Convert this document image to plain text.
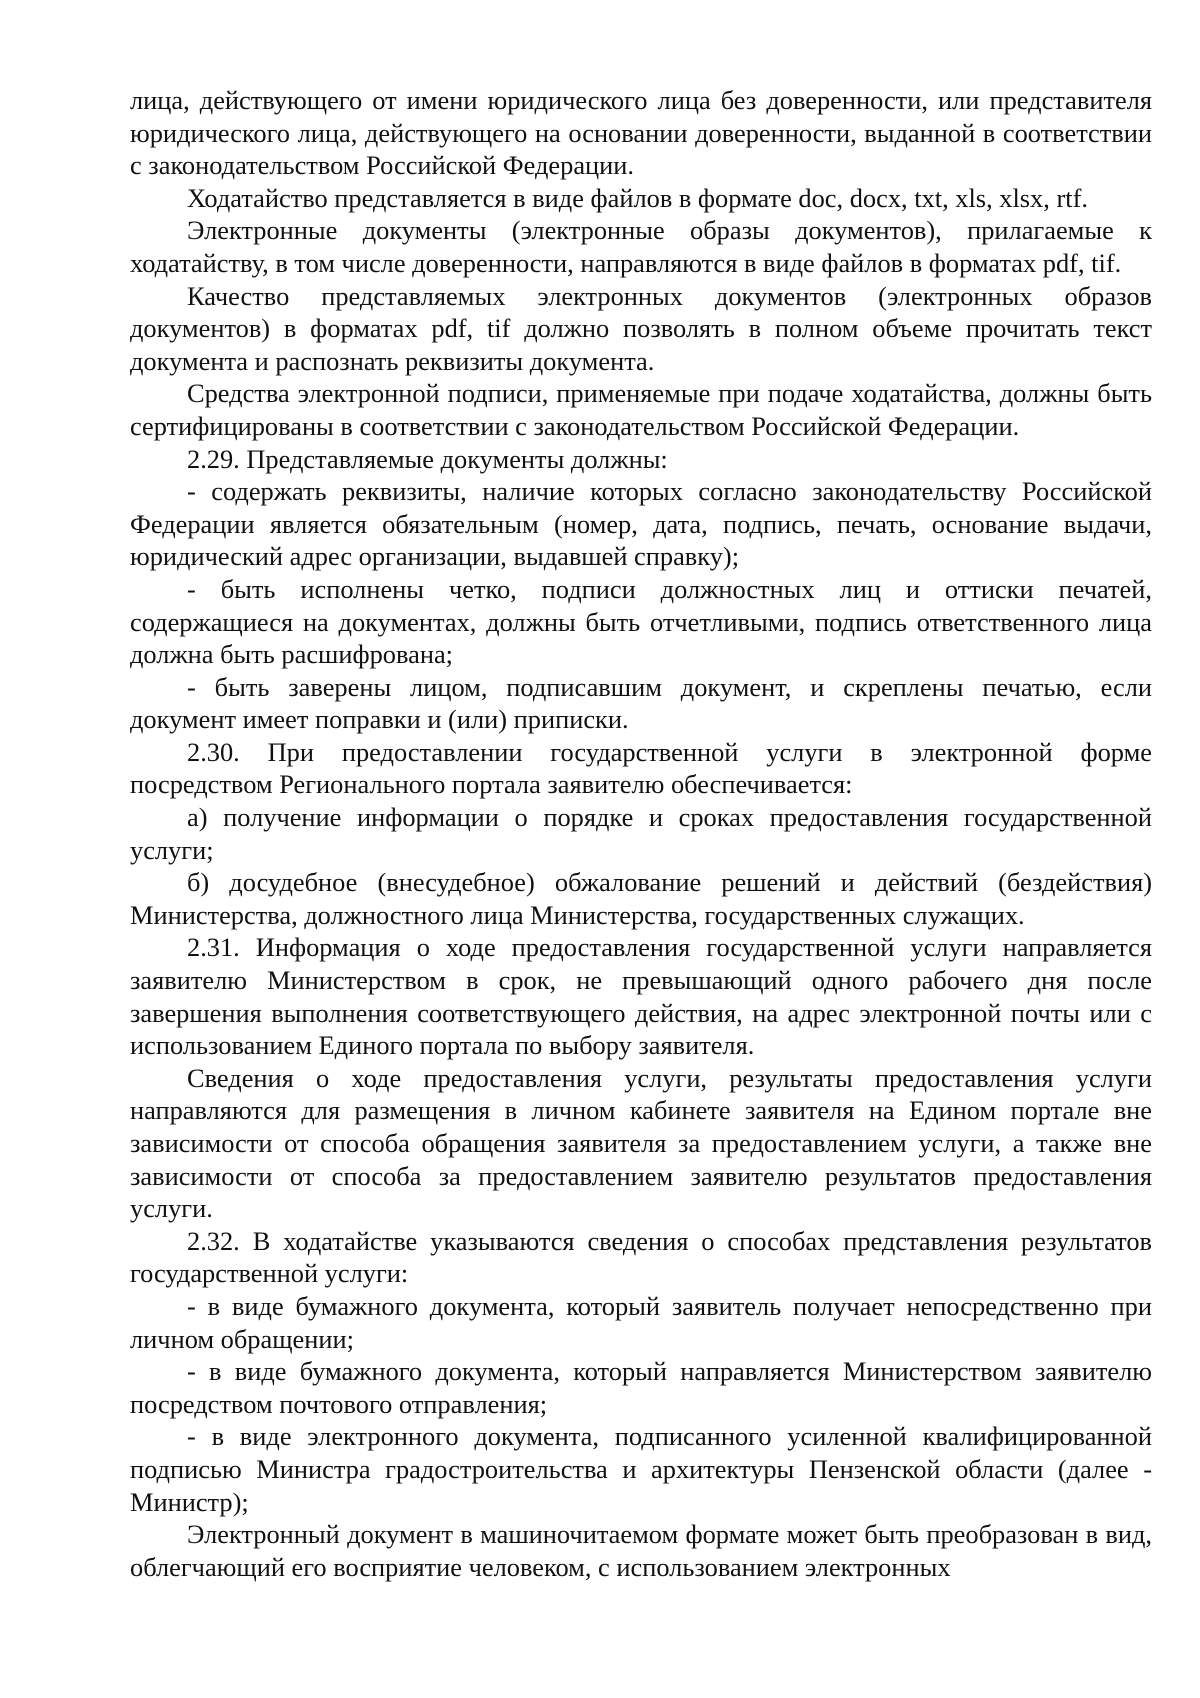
лица, действующего от имени юридического лица без доверенности, или представителя юридического лица, действующего на основании доверенности, выданной в соответствии с законодательством Российской Федерации.

Ходатайство представляется в виде файлов в формате doc, docx, txt, xls, xlsx, rtf.

Электронные документы (электронные образы документов), прилагаемые к ходатайству, в том числе доверенности, направляются в виде файлов в форматах pdf, tif.

Качество представляемых электронных документов (электронных образов документов) в форматах pdf, tif должно позволять в полном объеме прочитать текст документа и распознать реквизиты документа.

Средства электронной подписи, применяемые при подаче ходатайства, должны быть сертифицированы в соответствии с законодательством Российской Федерации.

2.29. Представляемые документы должны:

- содержать реквизиты, наличие которых согласно законодательству Российской Федерации является обязательным (номер, дата, подпись, печать, основание выдачи, юридический адрес организации, выдавшей справку);

- быть исполнены четко, подписи должностных лиц и оттиски печатей, содержащиеся на документах, должны быть отчетливыми, подпись ответственного лица должна быть расшифрована;

- быть заверены лицом, подписавшим документ, и скреплены печатью, если документ имеет поправки и (или) приписки.

2.30. При предоставлении государственной услуги в электронной форме посредством Регионального портала заявителю обеспечивается:

а) получение информации о порядке и сроках предоставления государственной услуги;

б) досудебное (внесудебное) обжалование решений и действий (бездействия) Министерства, должностного лица Министерства, государственных служащих.

2.31. Информация о ходе предоставления государственной услуги направляется заявителю Министерством в срок, не превышающий одного рабочего дня после завершения выполнения соответствующего действия, на адрес электронной почты или с использованием Единого портала по выбору заявителя.

Сведения о ходе предоставления услуги, результаты предоставления услуги направляются для размещения в личном кабинете заявителя на Едином портале вне зависимости от способа обращения заявителя за предоставлением услуги, а также вне зависимости от способа за предоставлением заявителю результатов предоставления услуги.

2.32. В ходатайстве указываются сведения о способах представления результатов государственной услуги:

- в виде бумажного документа, который заявитель получает непосредственно при личном обращении;

- в виде бумажного документа, который направляется Министерством заявителю посредством почтового отправления;

- в виде электронного документа, подписанного усиленной квалифицированной подписью Министра градостроительства и архитектуры Пензенской области (далее - Министр);

Электронный документ в машиночитаемом формате может быть преобразован в вид, облегчающий его восприятие человеком, с использованием электронных
